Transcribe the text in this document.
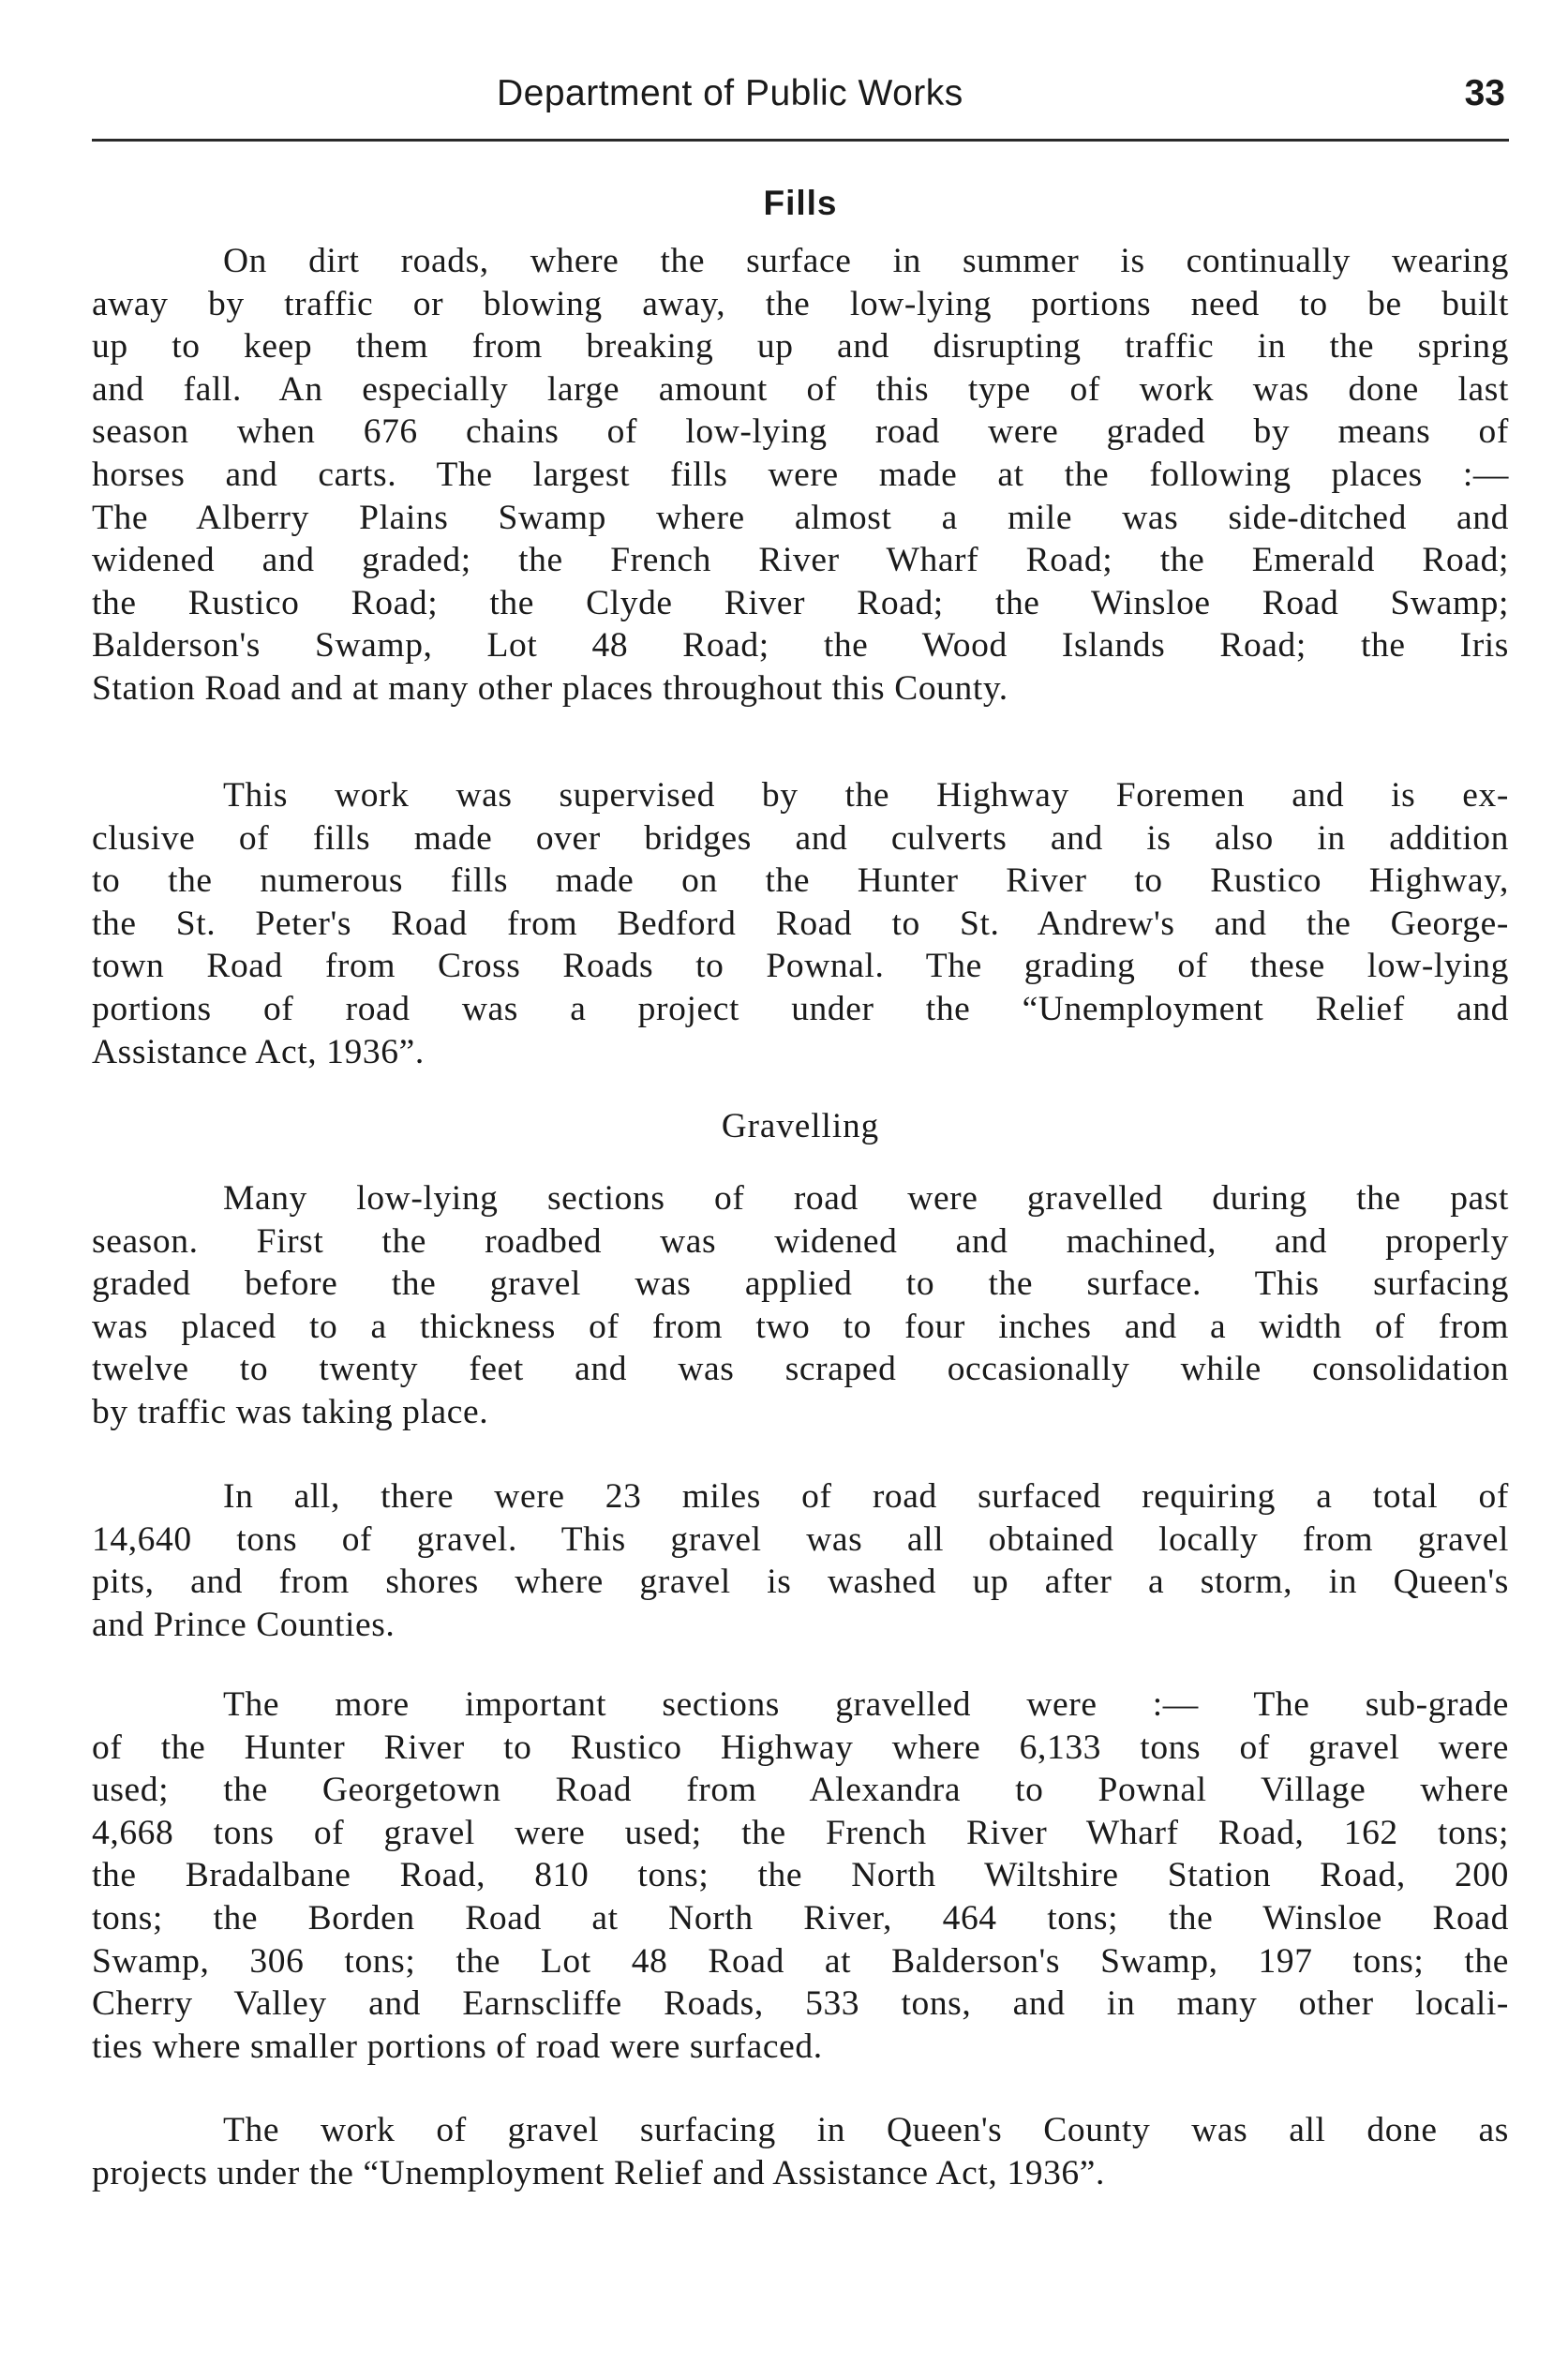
Department of Public Works	33
Fills

On dirt roads, where the surface in summer is continually wearing
away by traffic or blowing away, the low-lying portions need to be built
up to keep them from breaking up and disrupting traffic in the spring
and fall. An especially large amount of this type of work was done last
season when 676 chains of low-lying road were graded by means of
horses and carts. The largest fills were made at the following places :—
The Alberry Plains Swamp where almost a mile was side-ditched and
widened and graded; the French River Wharf Road; the Emerald Road;
the Rustico Road; the Clyde River Road; the Winsloe Road Swamp;
Balderson's Swamp, Lot 48 Road; the Wood Islands Road; the Iris
Station Road and at many other places throughout this County.

This work was supervised by the Highway Foremen and is ex-
clusive of fills made over bridges and culverts and is also in addition
to the numerous fills made on the Hunter River to Rustico Highway,
the St. Peter's Road from Bedford Road to St. Andrew's and the George-
town Road from Cross Roads to Pownal. The grading of these low-lying
portions of road was a project under the “Unemployment Relief and
Assistance Act, 1936”.

Gravelling

Many low-lying sections of road were gravelled during the past
season. First the roadbed was widened and machined, and properly
graded before the gravel was applied to the surface. This surfacing
was placed to a thickness of from two to four inches and a width of from
twelve to twenty feet and was scraped occasionally while consolidation
by traffic was taking place.

In all, there were 23 miles of road surfaced requiring a total of
14,640 tons of gravel. This gravel was all obtained locally from gravel
pits, and from shores where gravel is washed up after a storm, in Queen's
and Prince Counties.

The more important sections gravelled were :— The sub-grade
of the Hunter River to Rustico Highway where 6,133 tons of gravel were
used; the Georgetown Road from Alexandra to Pownal Village where
4,668 tons of gravel were used; the French River Wharf Road, 162 tons;
the Bradalbane Road, 810 tons; the North Wiltshire Station Road, 200
tons; the Borden Road at North River, 464 tons; the Winsloe Road
Swamp, 306 tons; the Lot 48 Road at Balderson's Swamp, 197 tons; the
Cherry Valley and Earnscliffe Roads, 533 tons, and in many other locali-
ties where smaller portions of road were surfaced.

The work of gravel surfacing in Queen's County was all done as
projects under the “Unemployment Relief and Assistance Act, 1936”.
